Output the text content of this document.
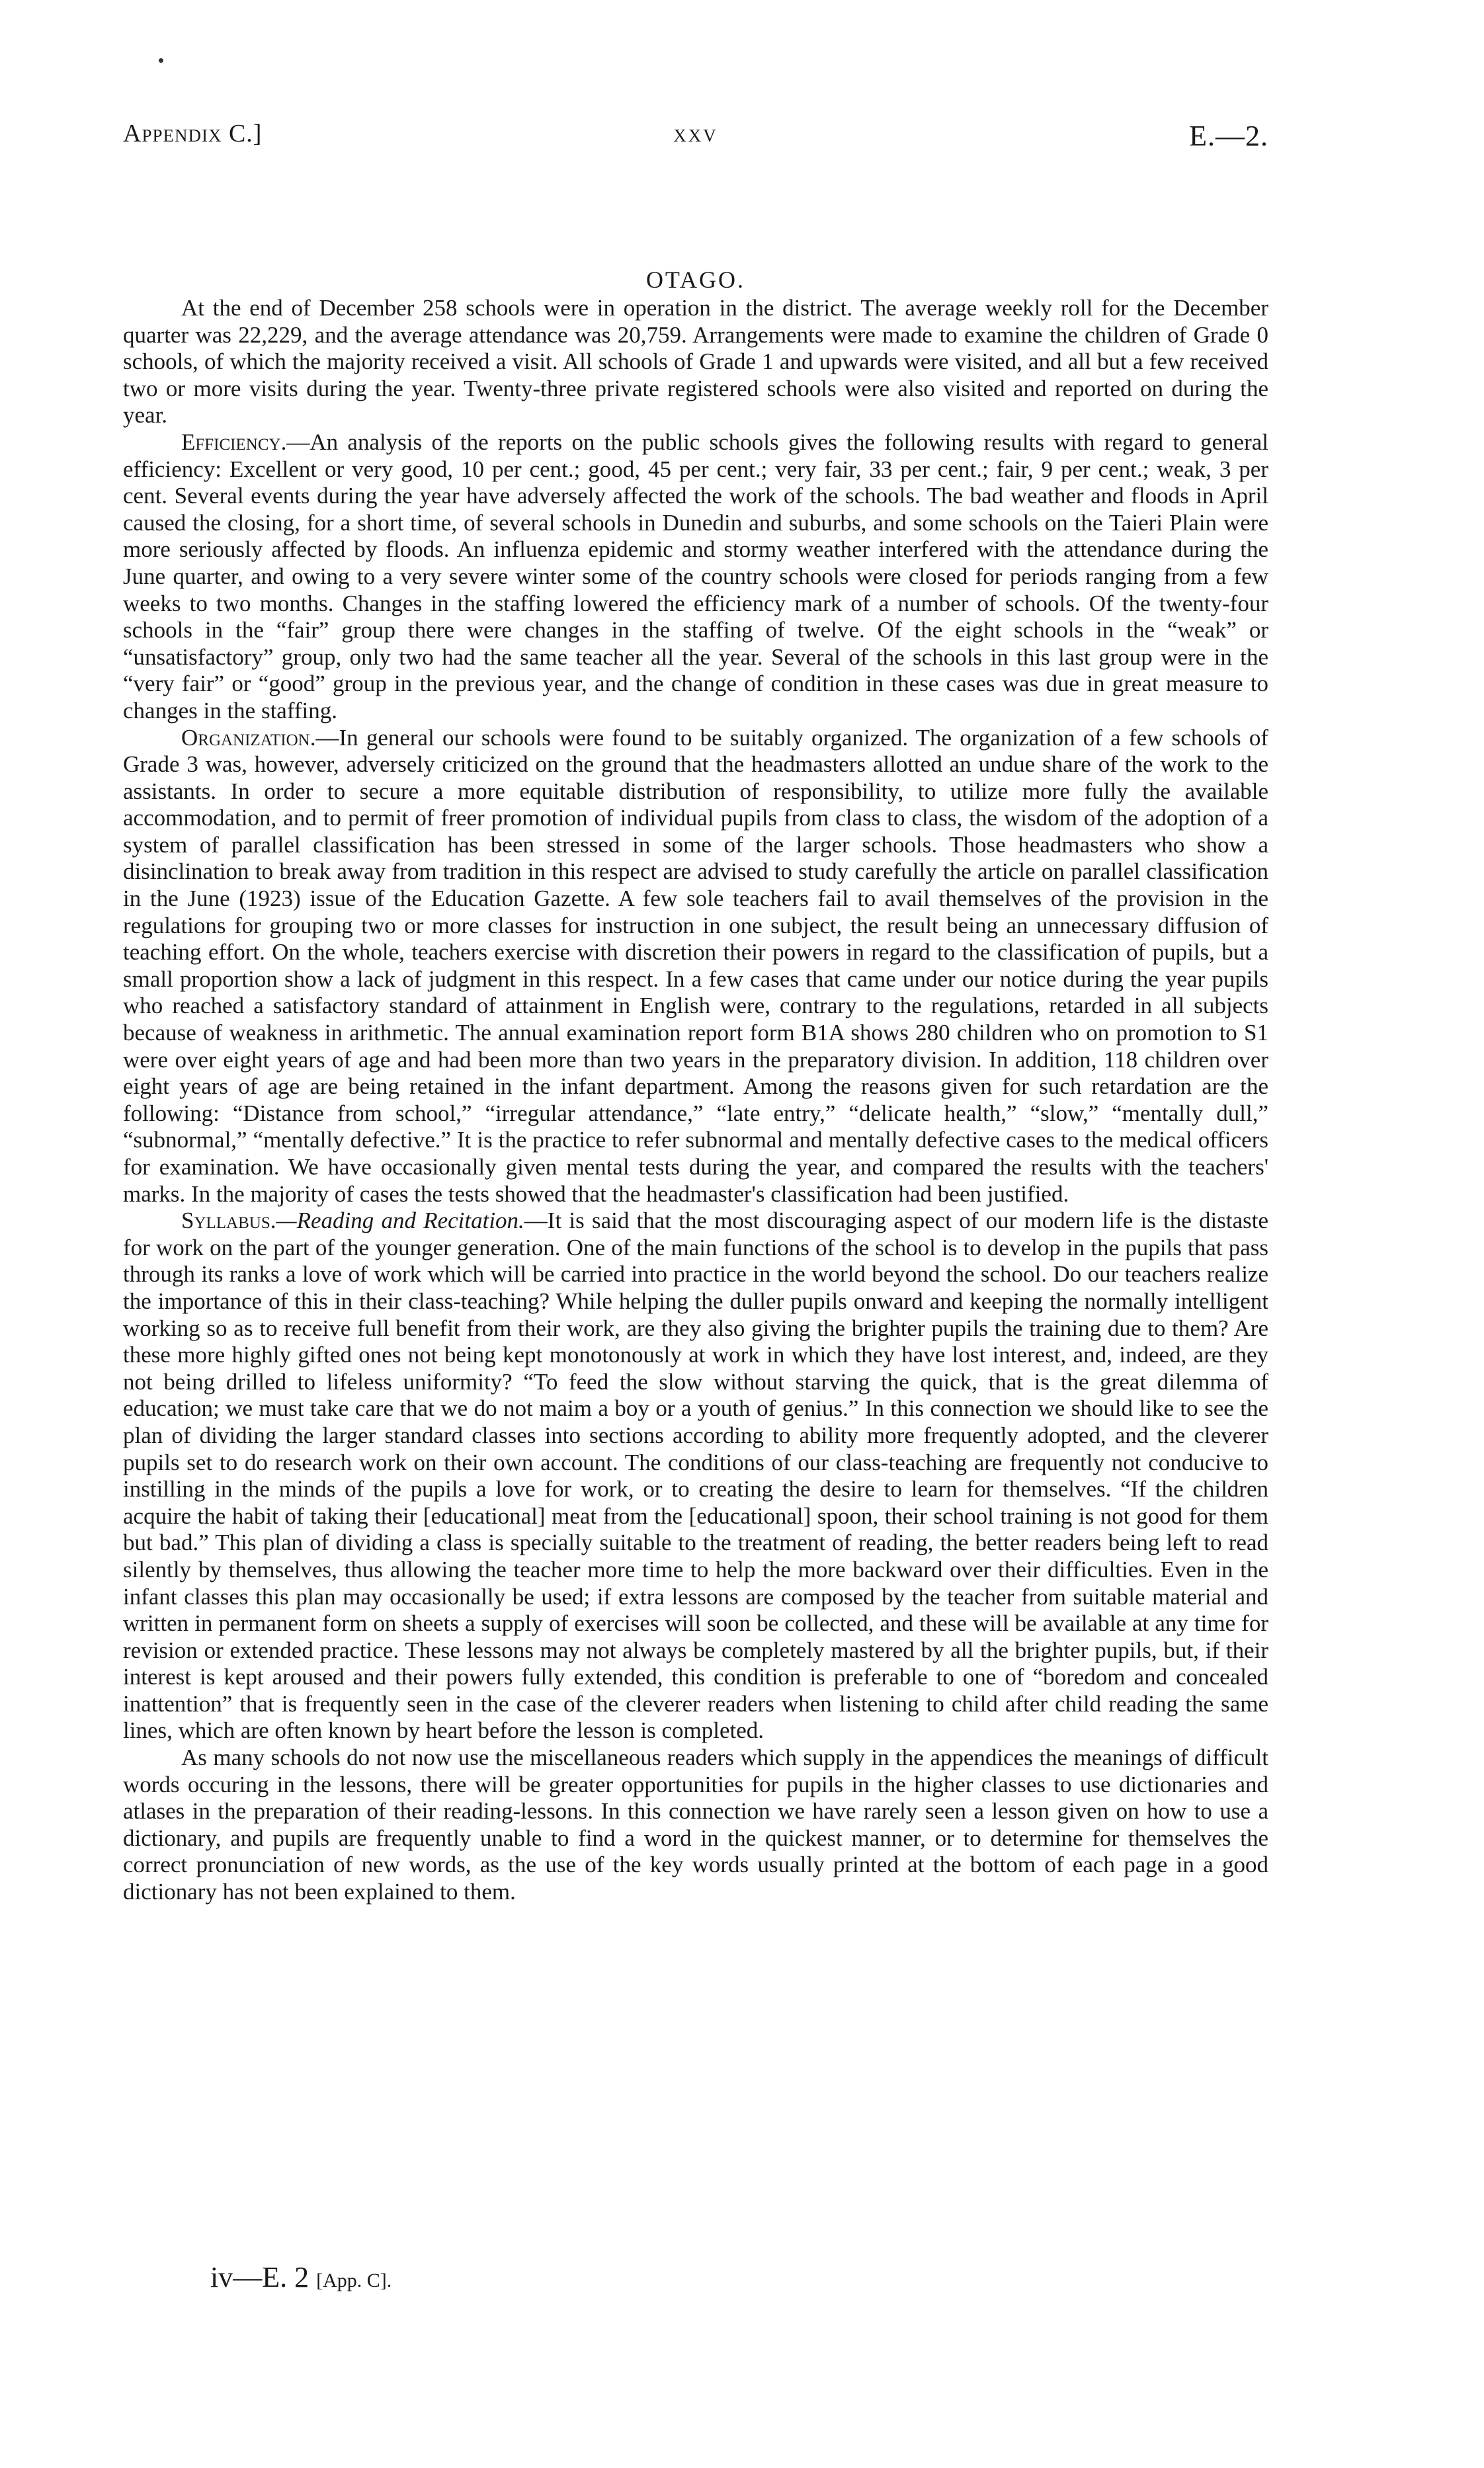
Appendix C.]	xxv	E.—2.
OTAGO.

At the end of December 258 schools were in operation in the district. The average weekly roll for the December quarter was 22,229, and the average attendance was 20,759. Arrangements were made to examine the children of Grade 0 schools, of which the majority received a visit. All schools of Grade 1 and upwards were visited, and all but a few received two or more visits during the year. Twenty-three private registered schools were also visited and reported on during the year.

Efficiency.—An analysis of the reports on the public schools gives the following results with regard to general efficiency: Excellent or very good, 10 per cent.; good, 45 per cent.; very fair, 33 per cent.; fair, 9 per cent.; weak, 3 per cent. Several events during the year have adversely affected the work of the schools. The bad weather and floods in April caused the closing, for a short time, of several schools in Dunedin and suburbs, and some schools on the Taieri Plain were more seriously affected by floods. An influenza epidemic and stormy weather interfered with the attendance during the June quarter, and owing to a very severe winter some of the country schools were closed for periods ranging from a few weeks to two months. Changes in the staffing lowered the efficiency mark of a number of schools. Of the twenty-four schools in the “fair” group there were changes in the staffing of twelve. Of the eight schools in the “weak” or “unsatisfactory” group, only two had the same teacher all the year. Several of the schools in this last group were in the “very fair” or “good” group in the previous year, and the change of condition in these cases was due in great measure to changes in the staffing.

Organization.—In general our schools were found to be suitably organized. The organization of a few schools of Grade 3 was, however, adversely criticized on the ground that the headmasters allotted an undue share of the work to the assistants. In order to secure a more equitable distribution of responsibility, to utilize more fully the available accommodation, and to permit of freer promotion of individual pupils from class to class, the wisdom of the adoption of a system of parallel classification has been stressed in some of the larger schools. Those headmasters who show a disinclination to break away from tradition in this respect are advised to study carefully the article on parallel classification in the June (1923) issue of the Education Gazette. A few sole teachers fail to avail themselves of the provision in the regulations for grouping two or more classes for instruction in one subject, the result being an unnecessary diffusion of teaching effort. On the whole, teachers exercise with discretion their powers in regard to the classification of pupils, but a small proportion show a lack of judgment in this respect. In a few cases that came under our notice during the year pupils who reached a satisfactory standard of attainment in English were, contrary to the regulations, retarded in all subjects because of weakness in arithmetic. The annual examination report form B1A shows 280 children who on promotion to S1 were over eight years of age and had been more than two years in the preparatory division. In addition, 118 children over eight years of age are being retained in the infant department. Among the reasons given for such retardation are the following: “Distance from school,” “irregular attendance,” “late entry,” “delicate health,” “slow,” “mentally dull,” “subnormal,” “mentally defective.” It is the practice to refer subnormal and mentally defective cases to the medical officers for examination. We have occasionally given mental tests during the year, and compared the results with the teachers' marks. In the majority of cases the tests showed that the headmaster's classification had been justified.

Syllabus.—Reading and Recitation.—It is said that the most discouraging aspect of our modern life is the distaste for work on the part of the younger generation. One of the main functions of the school is to develop in the pupils that pass through its ranks a love of work which will be carried into practice in the world beyond the school. Do our teachers realize the importance of this in their class-teaching? While helping the duller pupils onward and keeping the normally intelligent working so as to receive full benefit from their work, are they also giving the brighter pupils the training due to them? Are these more highly gifted ones not being kept monotonously at work in which they have lost interest, and, indeed, are they not being drilled to lifeless uniformity? “To feed the slow without starving the quick, that is the great dilemma of education; we must take care that we do not maim a boy or a youth of genius.” In this connection we should like to see the plan of dividing the larger standard classes into sections according to ability more frequently adopted, and the cleverer pupils set to do research work on their own account. The conditions of our class-teaching are frequently not conducive to instilling in the minds of the pupils a love for work, or to creating the desire to learn for themselves. “If the children acquire the habit of taking their [educational] meat from the [educational] spoon, their school training is not good for them but bad.” This plan of dividing a class is specially suitable to the treatment of reading, the better readers being left to read silently by themselves, thus allowing the teacher more time to help the more backward over their difficulties. Even in the infant classes this plan may occasionally be used; if extra lessons are composed by the teacher from suitable material and written in permanent form on sheets a supply of exercises will soon be collected, and these will be available at any time for revision or extended practice. These lessons may not always be completely mastered by all the brighter pupils, but, if their interest is kept aroused and their powers fully extended, this condition is preferable to one of “boredom and concealed inattention” that is frequently seen in the case of the cleverer readers when listening to child after child reading the same lines, which are often known by heart before the lesson is completed.

As many schools do not now use the miscellaneous readers which supply in the appendices the meanings of difficult words occuring in the lessons, there will be greater opportunities for pupils in the higher classes to use dictionaries and atlases in the preparation of their reading-lessons. In this connection we have rarely seen a lesson given on how to use a dictionary, and pupils are frequently unable to find a word in the quickest manner, or to determine for themselves the correct pronunciation of new words, as the use of the key words usually printed at the bottom of each page in a good dictionary has not been explained to them.

iv—E. 2 [App. C].
